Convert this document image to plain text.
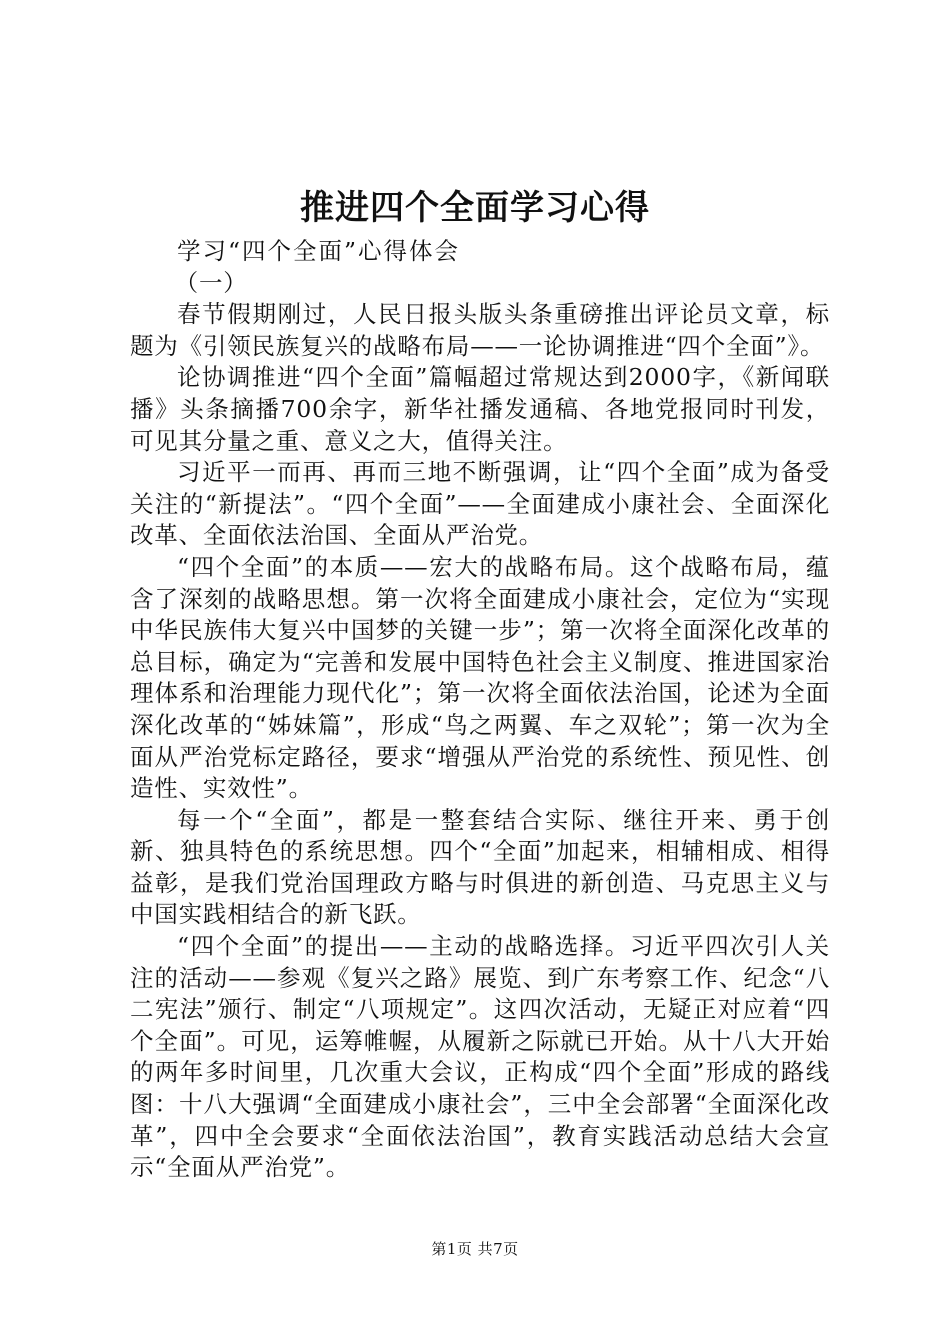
推进四个全面学习心得

学习“四个全面”心得体会

（一）

春节假期刚过，人民日报头版头条重磅推出评论员文章，标题为《引领民族复兴的战略布局——一论协调推进“四个全面”》。

论协调推进“四个全面”篇幅超过常规达到2000字，《新闻联播》头条摘播700余字，新华社播发通稿、各地党报同时刊发，可见其分量之重、意义之大，值得关注。

习近平一而再、再而三地不断强调，让“四个全面”成为备受关注的“新提法”。“四个全面”——全面建成小康社会、全面深化改革、全面依法治国、全面从严治党。

“四个全面”的本质——宏大的战略布局。这个战略布局，蕴含了深刻的战略思想。第一次将全面建成小康社会，定位为“实现中华民族伟大复兴中国梦的关键一步”；第一次将全面深化改革的总目标，确定为“完善和发展中国特色社会主义制度、推进国家治理体系和治理能力现代化”；第一次将全面依法治国，论述为全面深化改革的“姊妹篇”，形成“鸟之两翼、车之双轮”；第一次为全面从严治党标定路径，要求“增强从严治党的系统性、预见性、创造性、实效性”。

每一个“全面”，都是一整套结合实际、继往开来、勇于创新、独具特色的系统思想。四个“全面”加起来，相辅相成、相得益彰，是我们党治国理政方略与时俱进的新创造、马克思主义与中国实践相结合的新飞跃。

“四个全面”的提出——主动的战略选择。习近平四次引人关注的活动——参观《复兴之路》展览、到广东考察工作、纪念“八二宪法”颁行、制定“八项规定”。这四次活动，无疑正对应着“四个全面”。可见，运筹帷幄，从履新之际就已开始。从十八大开始的两年多时间里，几次重大会议，正构成“四个全面”形成的路线图：十八大强调“全面建成小康社会”，三中全会部署“全面深化改革”，四中全会要求“全面依法治国”，教育实践活动总结大会宣示“全面从严治党”。

第1页 共7页
